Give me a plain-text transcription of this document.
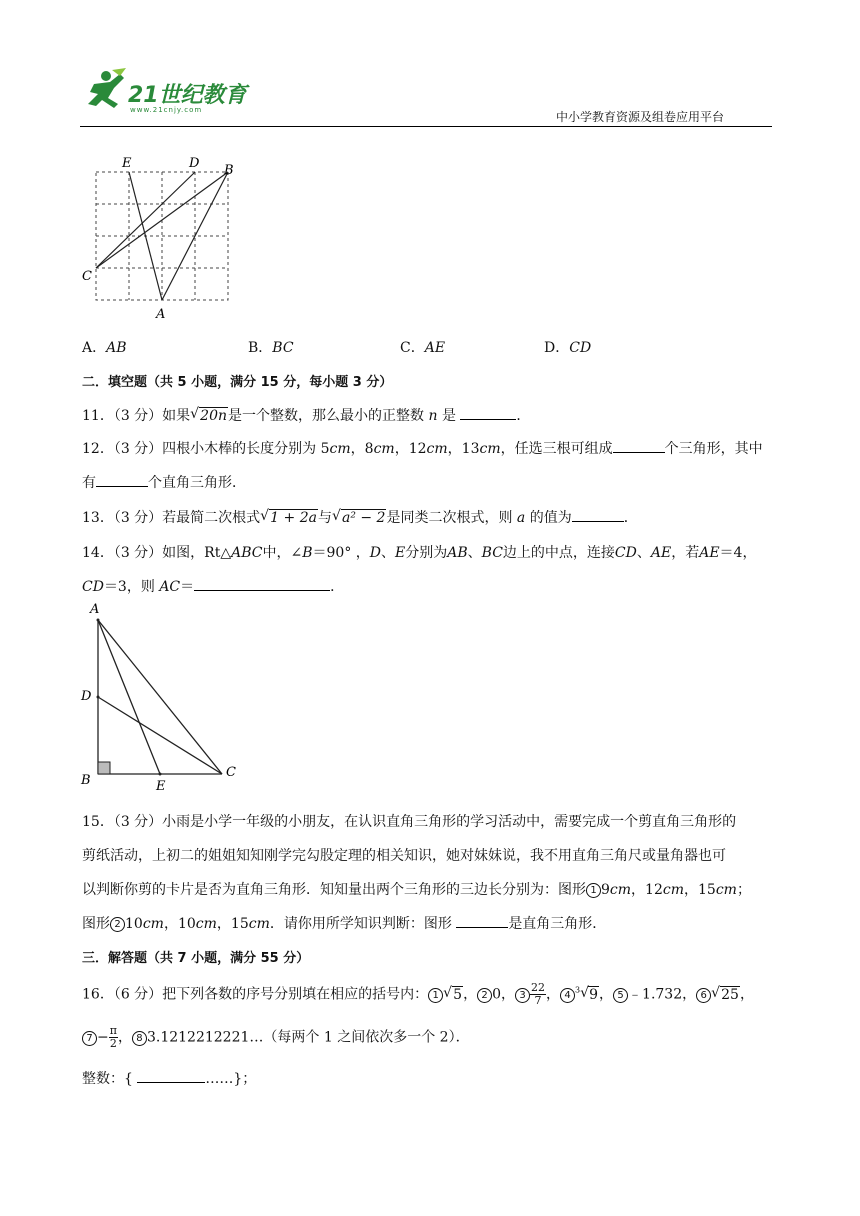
21世纪教育
www.21cnjy.com	中小学教育资源及组卷应用平台
E	D B
C
A
A．AB	B．BC	C．AE	D．CD
二．填空题（共 5 小题，满分 15 分，每小题 3 分）
11．（3 分）如果 √ 20n是一个整数，那么最小的正整数 n 是	．
12．（3 分）四根小木棒的长度分别为 5cm，8cm，12cm，13cm，任选三根可组成	个三角形，其中
有	个直角三角形．
13．（3 分）若最简二次根式 √ 1 + 2a与 √ a² − 2是同类二次根式，则 a 的值为	．
14．（3 分）如图，Rt△ABC中，∠B＝90° ，D、E分别为AB、BC边上的中点，连接CD、AE，若AE＝4，
CD＝3，则 AC＝	．
A
D
B	E
C
15．（3 分）小雨是小学一年级的小朋友，在认识直角三角形的学习活动中，需要完成一个剪直角三角形的
剪纸活动，上初二的姐姐知知刚学完勾股定理的相关知识，她对妹妹说，我不用直角三角尺或量角器也可
以判断你剪的卡片是否为直角三角形．知知量出两个三角形的三边长分别为：图形 1 9cm，12cm，15cm；
图形 2 10cm，10cm，15cm．请你用所学知识判断：图形	是直角三角形．
三．解答题（共 7 小题，满分 55 分）
16．（6 分）把下列各数的序号分别填在相应的括号内： 1 √ 5， 2 0， $3 \frac{22}{7}$ ， 4 $^3$ √ 9， 5 ﹣1.732， 6 √ 25，
$7 - \frac{\pi}{2}$ ， 8 3.1212212221…（每两个 1 之间依次多一个 2）．
整数：{	……}；
